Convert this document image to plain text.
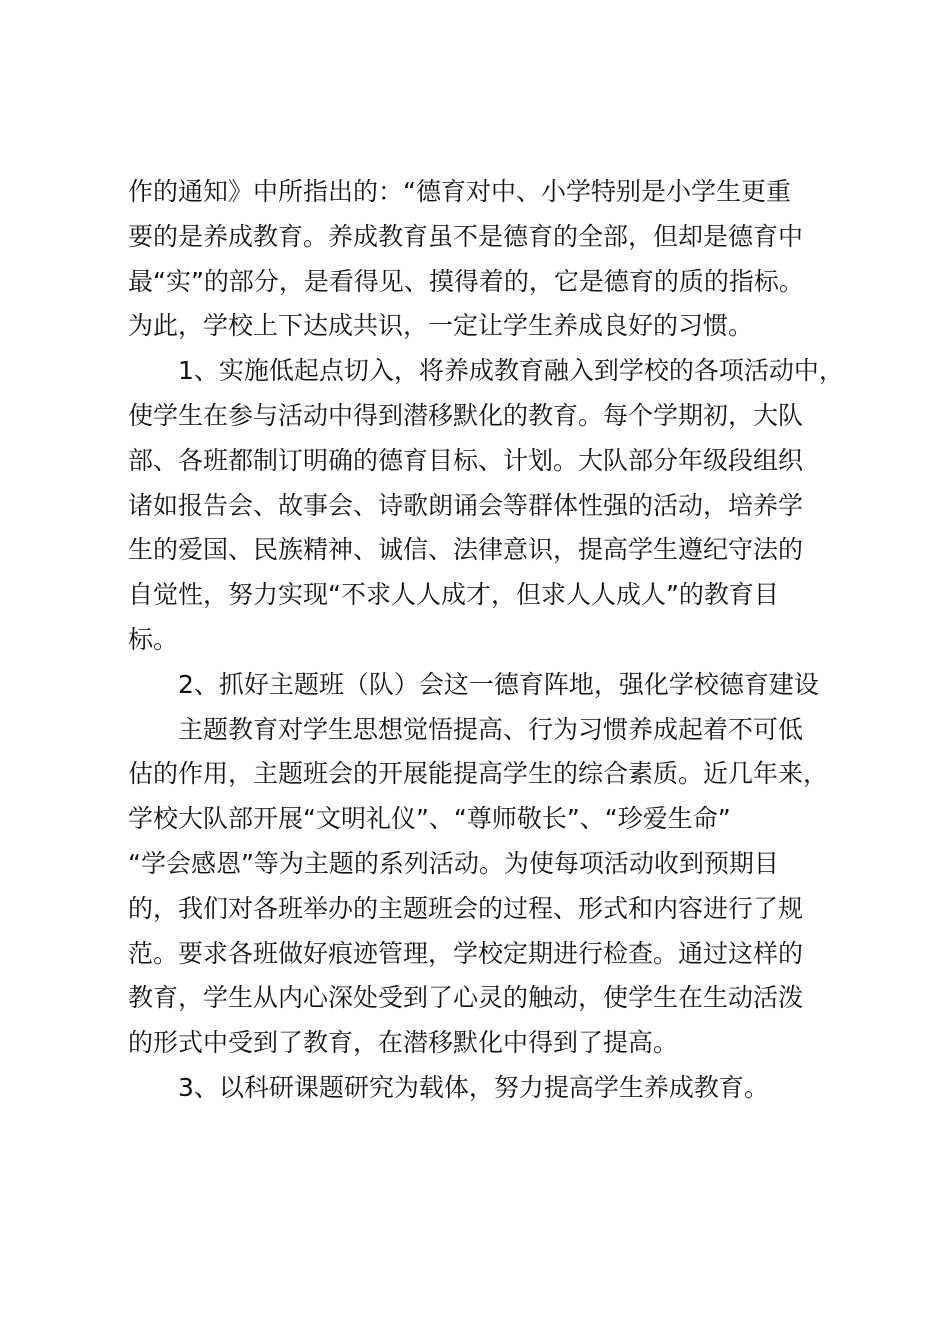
作的通知》中所指出的：“德育对中、小学特别是小学生更重
要的是养成教育。养成教育虽不是德育的全部，但却是德育中
最“实”的部分，是看得见、摸得着的，它是德育的质的指标。
为此，学校上下达成共识，一定让学生养成良好的习惯。
1、实施低起点切入，将养成教育融入到学校的各项活动中，
使学生在参与活动中得到潜移默化的教育。每个学期初，大队
部、各班都制订明确的德育目标、计划。大队部分年级段组织
诸如报告会、故事会、诗歌朗诵会等群体性强的活动，培养学
生的爱国、民族精神、诚信、法律意识，提高学生遵纪守法的
自觉性，努力实现“不求人人成才，但求人人成人”的教育目
标。
2、抓好主题班（队）会这一德育阵地，强化学校德育建设
主题教育对学生思想觉悟提高、行为习惯养成起着不可低
估的作用，主题班会的开展能提高学生的综合素质。近几年来，
学校大队部开展“文明礼仪”、“尊师敬长”、“珍爱生命”
“学会感恩”等为主题的系列活动。为使每项活动收到预期目
的，我们对各班举办的主题班会的过程、形式和内容进行了规
范。要求各班做好痕迹管理，学校定期进行检查。通过这样的
教育，学生从内心深处受到了心灵的触动，使学生在生动活泼
的形式中受到了教育，在潜移默化中得到了提高。
3、以科研课题研究为载体，努力提高学生养成教育。
